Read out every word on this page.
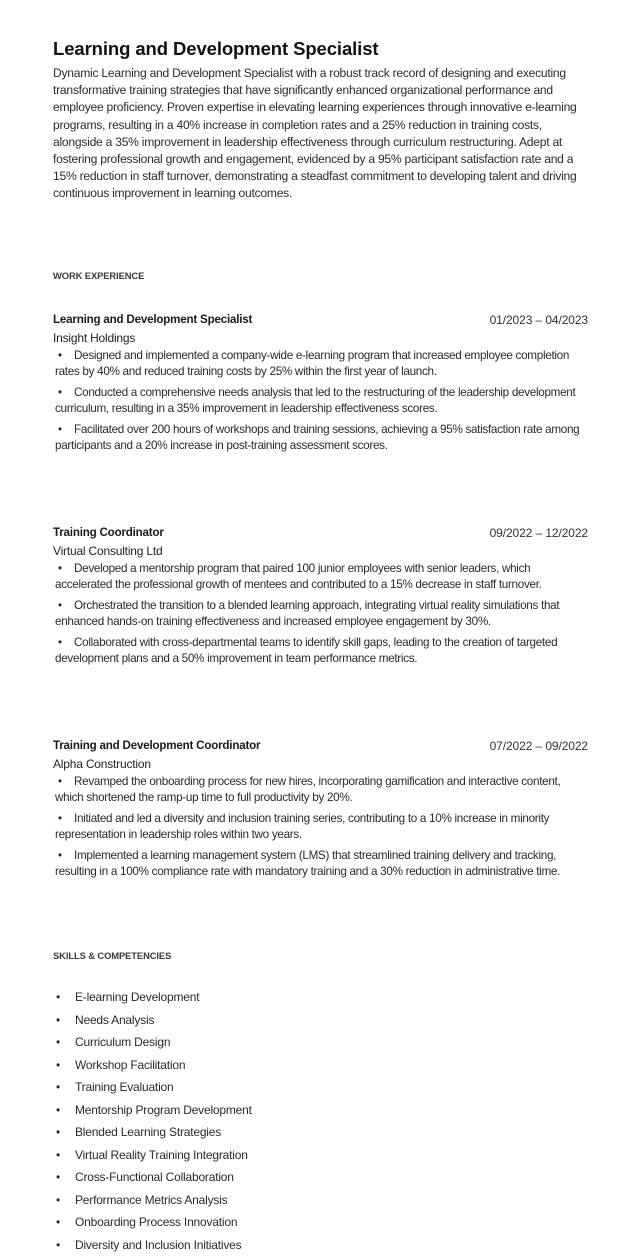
Learning and Development Specialist

Dynamic Learning and Development Specialist with a robust track record of designing and executing transformative training strategies that have significantly enhanced organizational performance and employee proficiency. Proven expertise in elevating learning experiences through innovative e-learning programs, resulting in a 40% increase in completion rates and a 25% reduction in training costs, alongside a 35% improvement in leadership effectiveness through curriculum restructuring. Adept at fostering professional growth and engagement, evidenced by a 95% participant satisfaction rate and a 15% reduction in staff turnover, demonstrating a steadfast commitment to developing talent and driving continuous improvement in learning outcomes.

WORK EXPERIENCE
Learning and Development Specialist	01/2023 – 04/2023
Insight Holdings
• Designed and implemented a company-wide e-learning program that increased employee completion rates by 40% and reduced training costs by 25% within the first year of launch.
• Conducted a comprehensive needs analysis that led to the restructuring of the leadership development curriculum, resulting in a 35% improvement in leadership effectiveness scores.
• Facilitated over 200 hours of workshops and training sessions, achieving a 95% satisfaction rate among participants and a 20% increase in post-training assessment scores.
Training Coordinator	09/2022 – 12/2022
Virtual Consulting Ltd
• Developed a mentorship program that paired 100 junior employees with senior leaders, which accelerated the professional growth of mentees and contributed to a 15% decrease in staff turnover.
• Orchestrated the transition to a blended learning approach, integrating virtual reality simulations that enhanced hands-on training effectiveness and increased employee engagement by 30%.
• Collaborated with cross-departmental teams to identify skill gaps, leading to the creation of targeted development plans and a 50% improvement in team performance metrics.
Training and Development Coordinator	07/2022 – 09/2022
Alpha Construction
• Revamped the onboarding process for new hires, incorporating gamification and interactive content, which shortened the ramp-up time to full productivity by 20%.
• Initiated and led a diversity and inclusion training series, contributing to a 10% increase in minority representation in leadership roles within two years.
• Implemented a learning management system (LMS) that streamlined training delivery and tracking, resulting in a 100% compliance rate with mandatory training and a 30% reduction in administrative time.
SKILLS & COMPETENCIES
• E-learning Development
• Needs Analysis
• Curriculum Design
• Workshop Facilitation
• Training Evaluation
• Mentorship Program Development
• Blended Learning Strategies
• Virtual Reality Training Integration
• Cross-Functional Collaboration
• Performance Metrics Analysis
• Onboarding Process Innovation
• Diversity and Inclusion Initiatives
